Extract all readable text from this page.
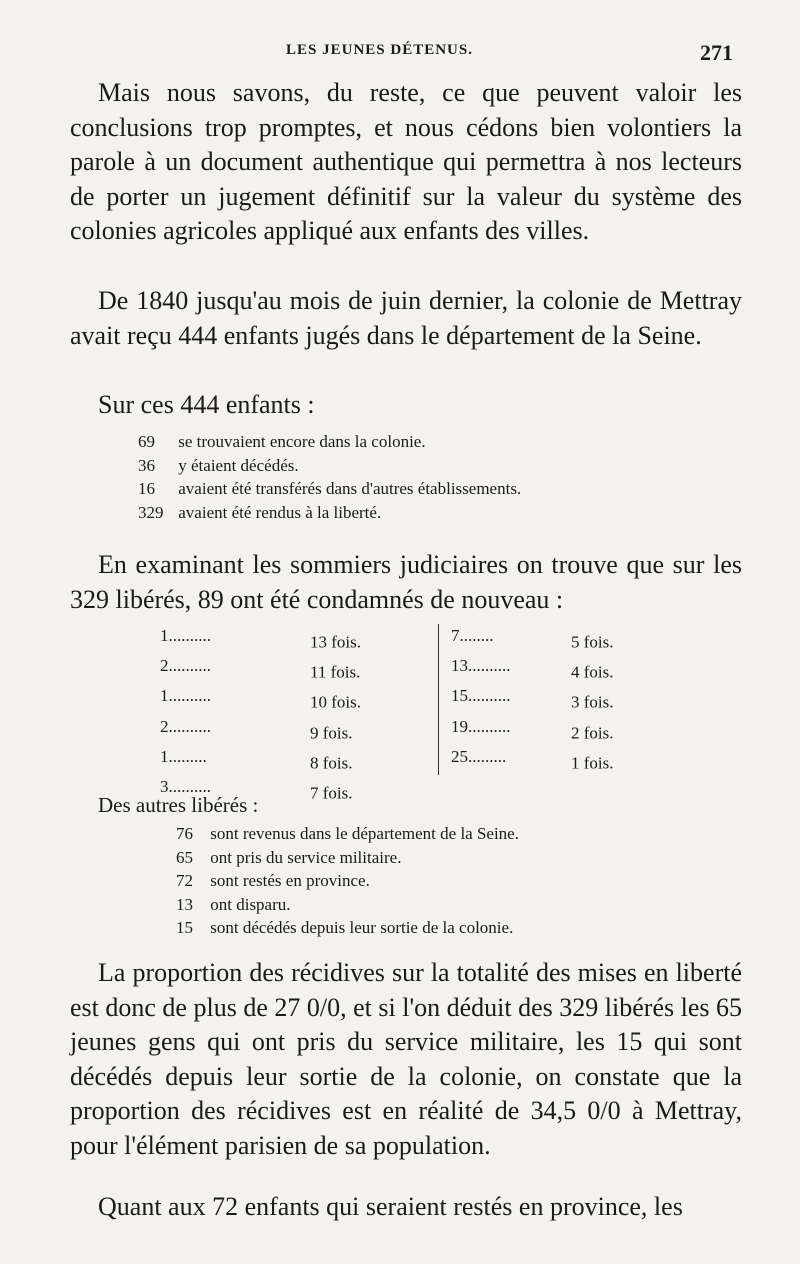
LES JEUNES DÉTENUS.	271

Mais nous savons, du reste, ce que peuvent valoir les conclusions trop promptes, et nous cédons bien volontiers la parole à un document authentique qui permettra à nos lecteurs de porter un jugement définitif sur la valeur du système des colonies agricoles appliqué aux enfants des villes.

De 1840 jusqu'au mois de juin dernier, la colonie de Mettray avait reçu 444 enfants jugés dans le département de la Seine.

Sur ces 444 enfants :

69 se trouvaient encore dans la colonie.
36 y étaient décédés.
16 avaient été transférés dans d'autres établissements.
329 avaient été rendus à la liberté.

En examinant les sommiers judiciaires on trouve que sur les 329 libérés, 89 ont été condamnés de nouveau :

1..........	13 fois.
2..........	11 fois.
1..........	10 fois.
2..........	9 fois.
1.........	8 fois.
3..........	7 fois.
7........	5 fois.
13..........	4 fois.
15..........	3 fois.
19..........	2 fois.
25.........	1 fois.

Des autres libérés :

76 sont revenus dans le département de la Seine.
65 ont pris du service militaire.
72 sont restés en province.
13 ont disparu.
15 sont décédés depuis leur sortie de la colonie.

La proportion des récidives sur la totalité des mises en liberté est donc de plus de 27 0/0, et si l'on déduit des 329 libérés les 65 jeunes gens qui ont pris du service militaire, les 15 qui sont décédés depuis leur sortie de la colonie, on constate que la proportion des récidives est en réalité de 34,5 0/0 à Mettray, pour l'élément parisien de sa population.

Quant aux 72 enfants qui seraient restés en province, les
